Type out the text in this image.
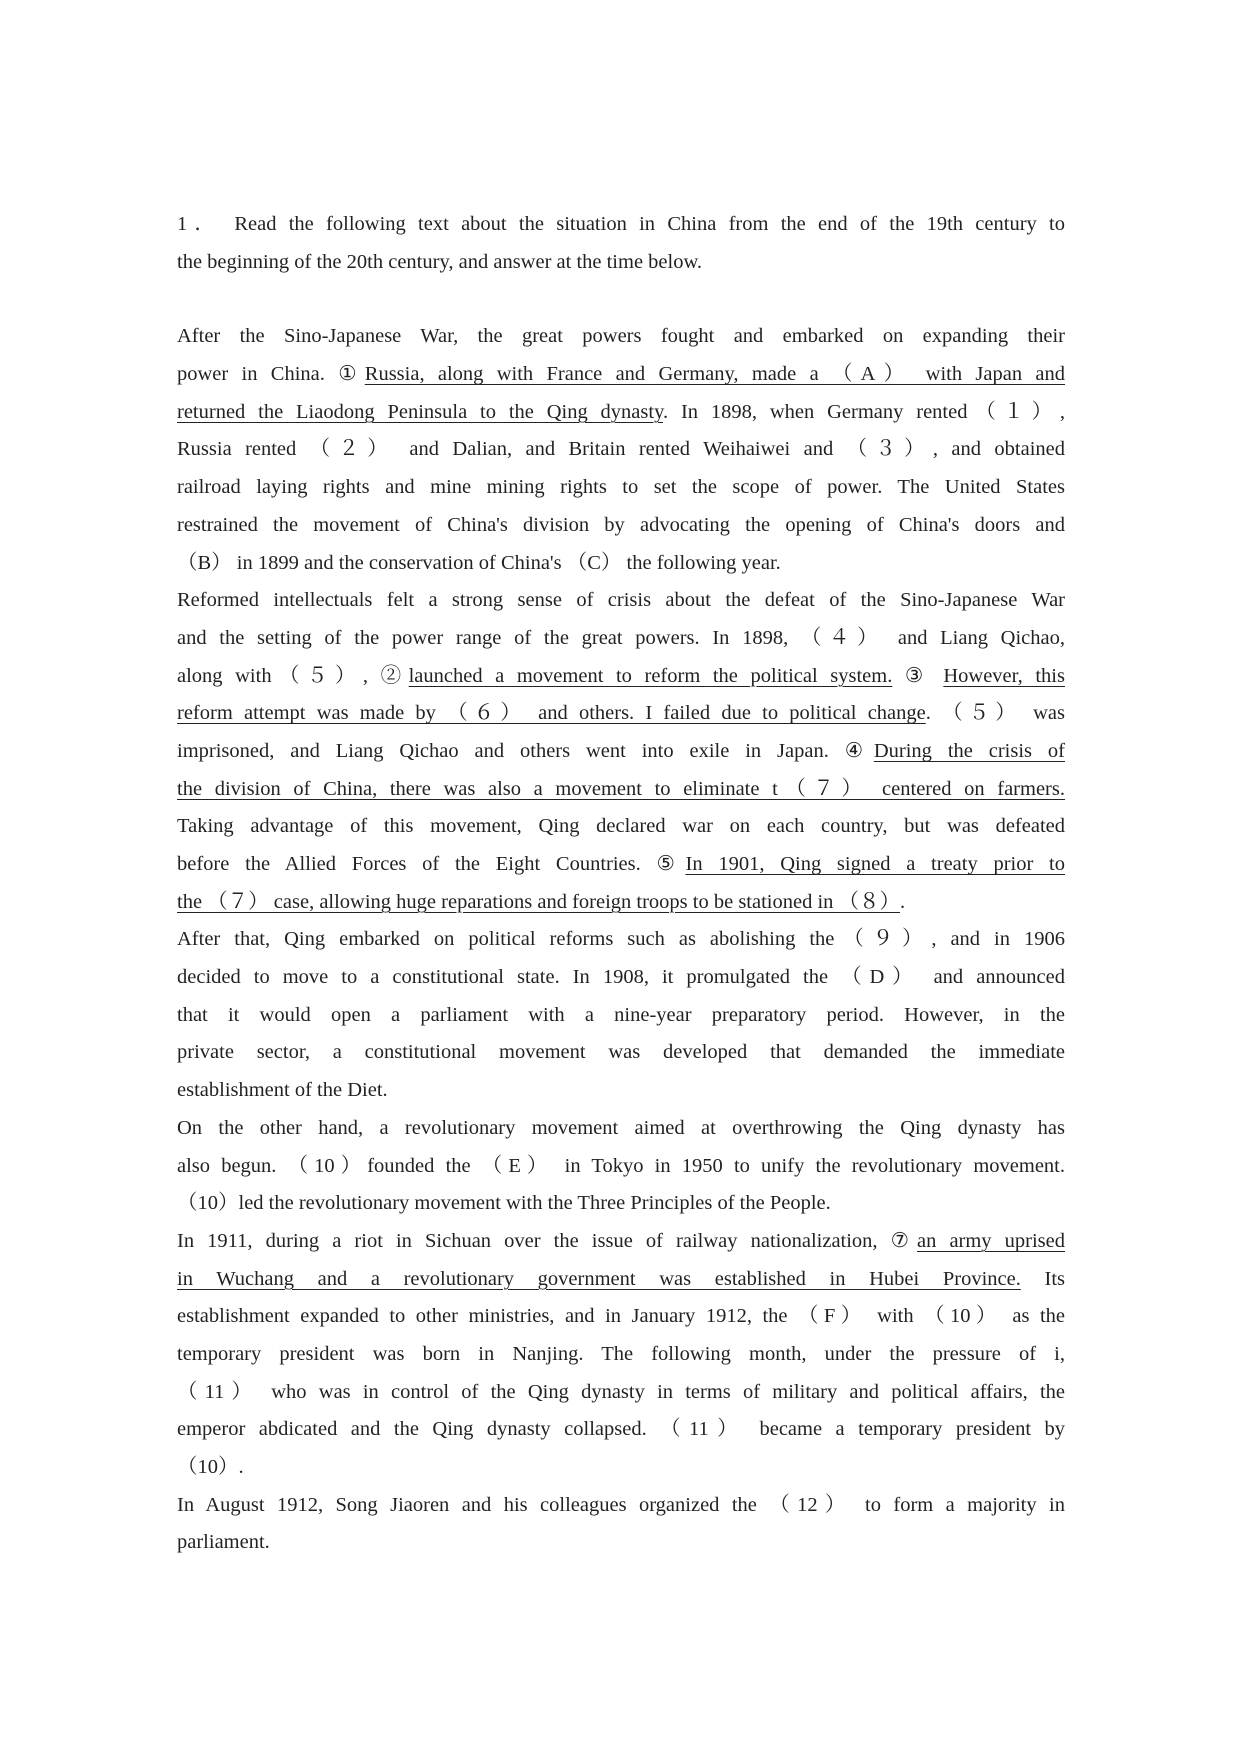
1． Read the following text about the situation in China from the end of the 19th century to
the beginning of the 20th century, and answer at the time below.
After the Sino-Japanese War, the great powers fought and embarked on expanding their
power in China. ①Russia, along with France and Germany, made a （A） with Japan and
returned the Liaodong Peninsula to the Qing dynasty. In 1898, when Germany rented（１）,
Russia rented （２） and Dalian, and Britain rented Weihaiwei and （３）, and obtained
railroad laying rights and mine mining rights to set the scope of power. The United States
restrained the movement of China's division by advocating the opening of China's doors and
（B） in 1899 and the conservation of China's （C） the following year.
Reformed intellectuals felt a strong sense of crisis about the defeat of the Sino-Japanese War
and the setting of the power range of the great powers. In 1898, （４） and Liang Qichao,
along with（５）, ②launched a movement to reform the political system. ③ However, this
reform attempt was made by （６） and others. I failed due to political change. （５） was
imprisoned, and Liang Qichao and others went into exile in Japan. ④During the crisis of
the division of China, there was also a movement to eliminate t（７） centered on farmers.
Taking advantage of this movement, Qing declared war on each country, but was defeated
before the Allied Forces of the Eight Countries. ⑤In 1901, Qing signed a treaty prior to
the （７） case, allowing huge reparations and foreign troops to be stationed in （８）.
After that, Qing embarked on political reforms such as abolishing the（９）, and in 1906
decided to move to a constitutional state. In 1908, it promulgated the （D） and announced
that it would open a parliament with a nine-year preparatory period. However, in the
private sector, a constitutional movement was developed that demanded the immediate
establishment of the Diet.
On the other hand, a revolutionary movement aimed at overthrowing the Qing dynasty has
also begun. （10）founded the （E） in Tokyo in 1950 to unify the revolutionary movement.
（10）led the revolutionary movement with the Three Principles of the People.
In 1911, during a riot in Sichuan over the issue of railway nationalization, ⑦an army uprised
in Wuchang and a revolutionary government was established in Hubei Province. Its
establishment expanded to other ministries, and in January 1912, the （F） with （10） as the
temporary president was born in Nanjing. The following month, under the pressure of i,
（11） who was in control of the Qing dynasty in terms of military and political affairs, the
emperor abdicated and the Qing dynasty collapsed. （11） became a temporary president by
（10）.
In August 1912, Song Jiaoren and his colleagues organized the （12） to form a majority in
parliament.
